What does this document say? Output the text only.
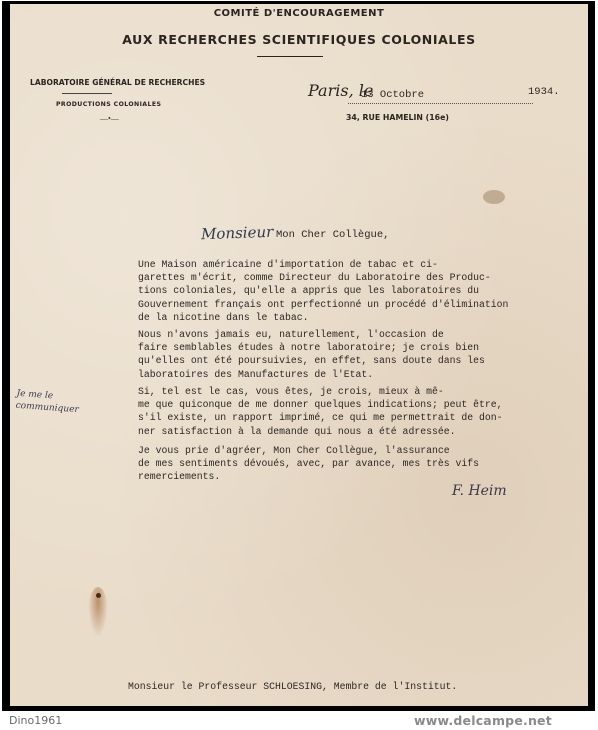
COMITÉ D'ENCOURAGEMENT
AUX RECHERCHES SCIENTIFIQUES COLONIALES
LABORATOIRE GÉNÉRAL DE RECHERCHES
PRODUCTIONS COLONIALES
—•—
Paris, le
13 Octobre	1934.
34, RUE HAMELIN (16e)
Monsieur Mon Cher Collègue,
Une Maison américaine d'importation de tabac et ci-
garettes m'écrit, comme Directeur du Laboratoire des Produc-
tions coloniales, qu'elle a appris que les laboratoires du
Gouvernement français ont perfectionné un procédé d'élimination
de la nicotine dans le tabac.
Nous n'avons jamais eu, naturellement, l'occasion de
faire semblables études à notre laboratoire; je crois bien
qu'elles ont été poursuivies, en effet, sans doute dans les
laboratoires des Manufactures de l'Etat.
Si, tel est le cas, vous êtes, je crois, mieux à mê-
me que quiconque de me donner quelques indications; peut être,
s'il existe, un rapport imprimé, ce qui me permettrait de don-
ner satisfaction à la demande qui nous a été adressée.
Je vous prie d'agréer, Mon Cher Collègue, l'assurance
de mes sentiments dévoués, avec, par avance, mes très vifs
remerciements.
Je me le
communiquer
F. Heim
Monsieur le Professeur SCHLOESING, Membre de l'Institut.
Dino1961	www.delcampe.net
